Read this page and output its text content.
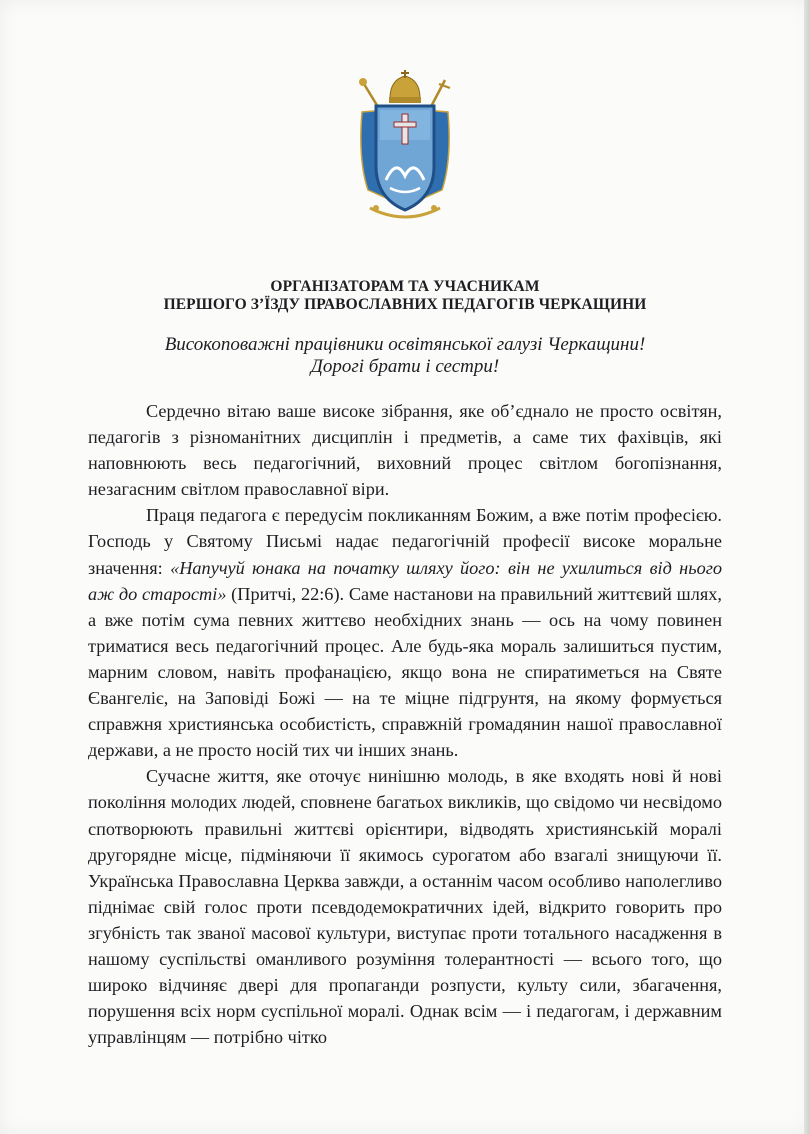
ОРГАНІЗАТОРАМ ТА УЧАСНИКАМ
ПЕРШОГО З’ЇЗДУ ПРАВОСЛАВНИХ ПЕДАГОГІВ ЧЕРКАЩИНИ
Високоповажні працівники освітянської галузі Черкащини!
Дорогі брати і сестри!

Сердечно вітаю ваше високе зібрання, яке об’єднало не просто освітян, педагогів з різноманітних дисциплін і предметів, а саме тих фахівців, які наповнюють весь педагогічний, виховний процес світлом богопізнання, незагасним світлом православної віри.

Праця педагога є передусім покликанням Божим, а вже потім професією. Господь у Святому Письмі надає педагогічній професії високе моральне значення: «Напучуй юнака на початку шляху його: він не ухилиться від нього аж до старості» (Притчі, 22:6). Саме настанови на правильний життєвий шлях, а вже потім сума певних життєво необхідних знань — ось на чому повинен триматися весь педагогічний процес. Але будь-яка мораль залишиться пустим, марним словом, навіть профанацією, якщо вона не спиратиметься на Святе Євангеліє, на Заповіді Божі — на те міцне підгрунтя, на якому формується справжня християнська особистість, справжній громадянин нашої православної держави, а не просто носій тих чи інших знань.

Сучасне життя, яке оточує нинішню молодь, в яке входять нові й нові покоління молодих людей, сповнене багатьох викликів, що свідомо чи несвідомо спотворюють правильні життєві орієнтири, відводять християнській моралі другорядне місце, підміняючи її якимось сурогатом або взагалі знищуючи її. Українська Православна Церква завжди, а останнім часом особливо наполегливо піднімає свій голос проти псевдодемократичних ідей, відкрито говорить про згубність так званої масової культури, виступає проти тотального насадження в нашому суспільстві оманливого розуміння толерантності — всього того, що широко відчиняє двері для пропаганди розпусти, культу сили, збагачення, порушення всіх норм суспільної моралі. Однак всім — і педагогам, і державним управлінцям — потрібно чітко
